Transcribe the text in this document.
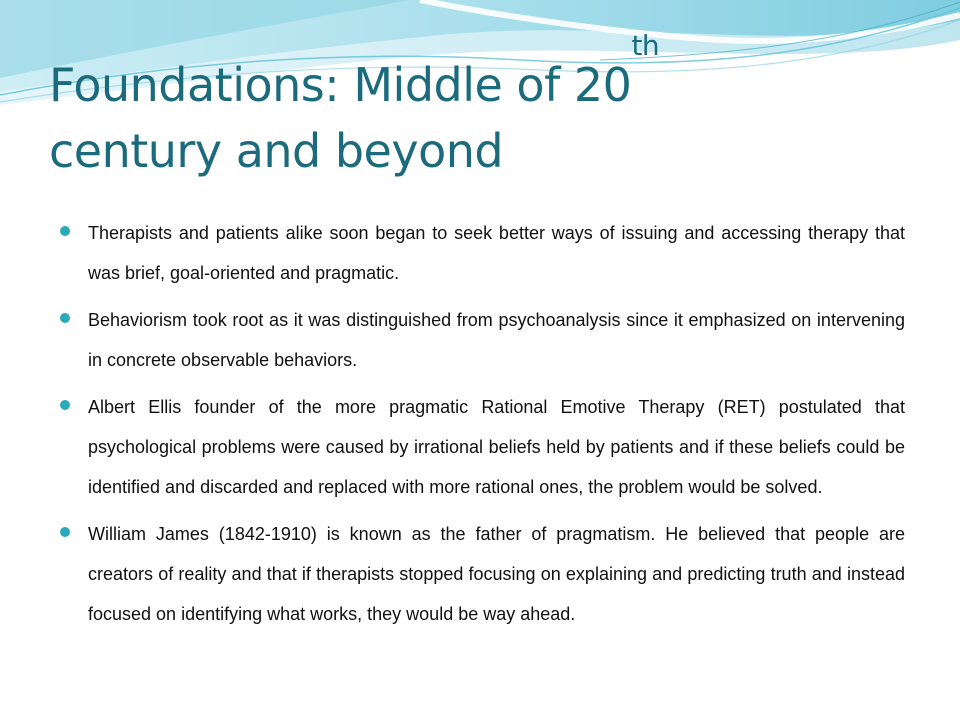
Foundations: Middle of 20th
century and beyond
Therapists and patients alike soon began to seek better ways of issuing and accessing therapy that was brief, goal-oriented and pragmatic.
Behaviorism took root as it was distinguished from psychoanalysis since it emphasized on intervening in concrete observable behaviors.
Albert Ellis founder of the more pragmatic Rational Emotive Therapy (RET) postulated that psychological problems were caused by irrational beliefs held by patients and if these beliefs could be identified and discarded and replaced with more rational ones, the problem would be solved.
William James (1842-1910) is known as the father of pragmatism. He believed that people are creators of reality and that if therapists stopped focusing on explaining and predicting truth and instead focused on identifying what works, they would be way ahead.
